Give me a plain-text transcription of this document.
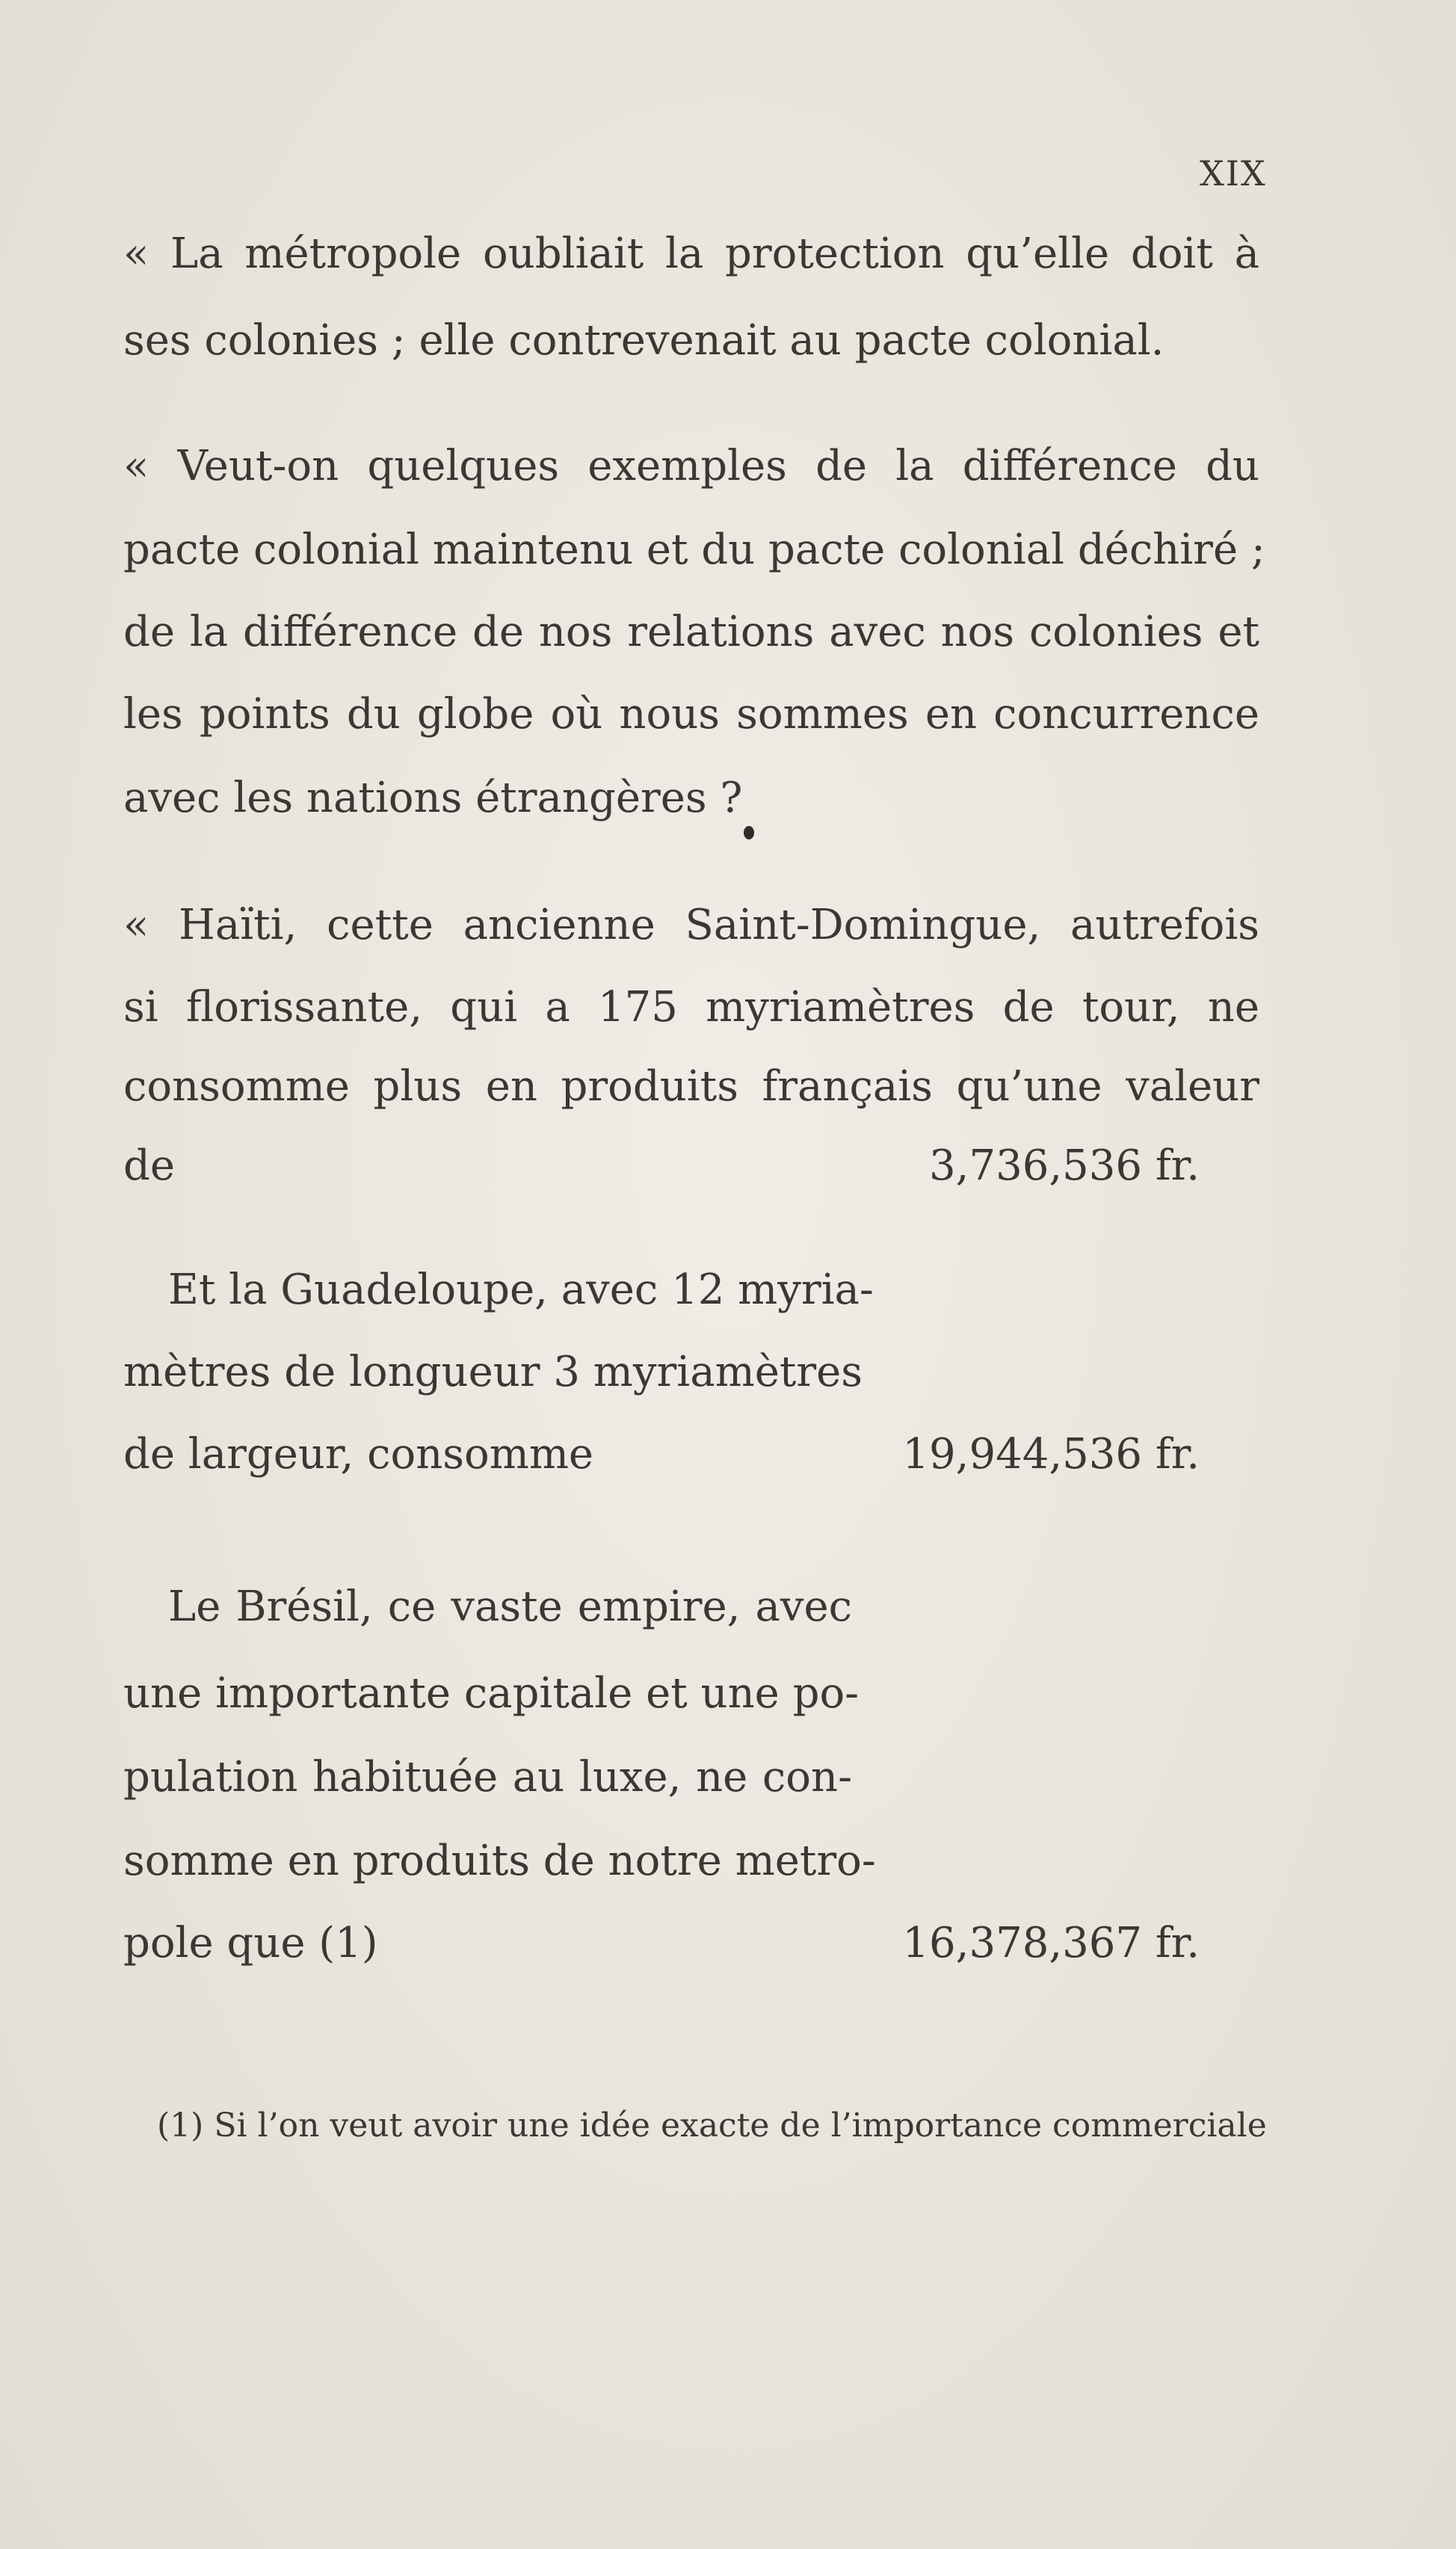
XIX
« La métropole oubliait la protection qu’elle doit à
ses colonies ; elle contrevenait au pacte colonial.
« Veut-on quelques exemples de la différence du
pacte colonial maintenu et du pacte colonial déchiré ;
de la différence de nos relations avec nos colonies et
les points du globe où nous sommes en concurrence
avec les nations étrangères ?
« Haïti, cette ancienne Saint-Domingue, autrefois
si florissante, qui a 175 myriamètres de tour, ne
consomme plus en produits français qu’une valeur
de	3,736,536 fr.
Et la Guadeloupe, avec 12 myria-
mètres de longueur 3 myriamètres
de largeur, consomme	19,944,536 fr.
Le Brésil, ce vaste empire, avec
une importante capitale et une po-
pulation habituée au luxe, ne con-
somme en produits de notre metro-
pole que (1)	16,378,367 fr.
(1) Si l’on veut avoir une idée exacte de l’importance commerciale
